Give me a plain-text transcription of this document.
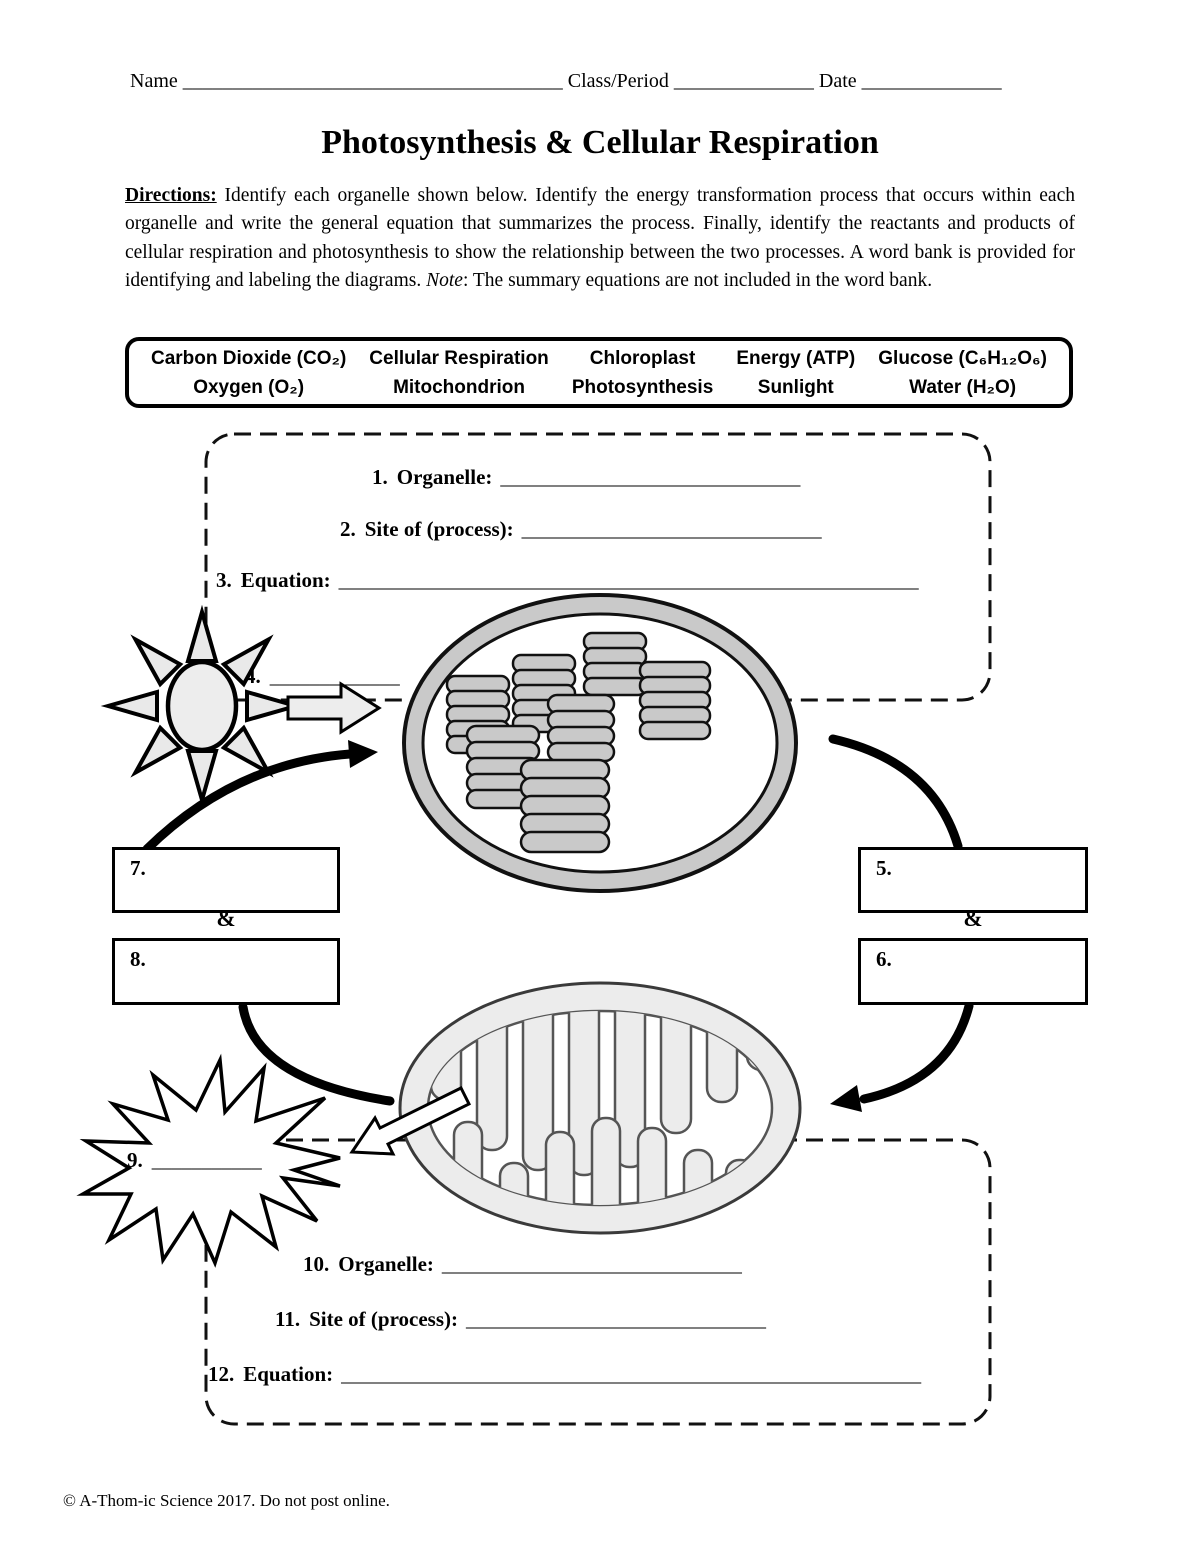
Name ______________________________________ Class/Period ______________ Date ______________
Photosynthesis & Cellular Respiration

Directions: Identify each organelle shown below. Identify the energy transformation process that occurs within each organelle and write the general equation that summarizes the process. Finally, identify the reactants and products of cellular respiration and photosynthesis to show the relationship between the two processes. A word bank is provided for identifying and labeling the diagrams. Note: The summary equations are not included in the word bank.

Carbon Dioxide (CO₂)
Oxygen (O₂)
Cellular Respiration
Mitochondrion
Chloroplast
Photosynthesis
Energy (ATP)
Sunlight
Glucose (C₆H₁₂O₆)
Water (H₂O)
1. Organelle: ______________________________
2. Site of (process): ______________________________
3. Equation: __________________________________________________________
4. _____________
5.
&
6.
7.
&
8.
9. ___________
10. Organelle: ______________________________
11. Site of (process): ______________________________
12. Equation: __________________________________________________________
© A-Thom-ic Science 2017. Do not post online.
